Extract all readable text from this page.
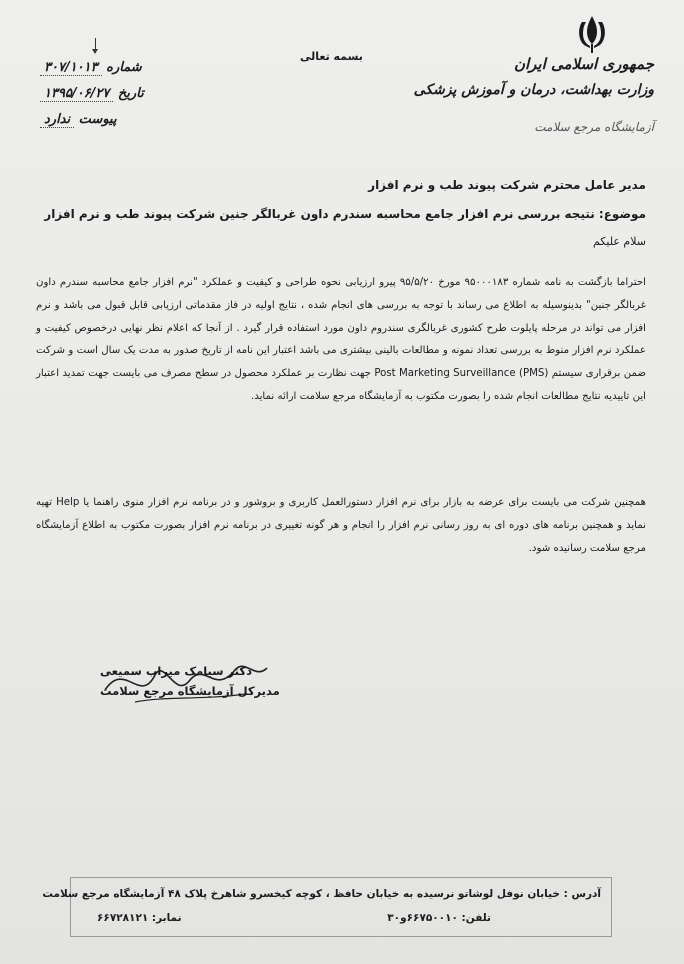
شماره ۳۰۷/۱۰۱۳
تاریخ ۱۳۹۵/۰۶/۲۷
پیوست ندارد
بسمه تعالی	جمهوری اسلامی ایران
وزارت بهداشت، درمان و آموزش پزشکی
آزمایشگاه مرجع سلامت
مدیر عامل محترم شرکت پیوند طب و نرم افزار
موضوع: نتیجه بررسی نرم افزار جامع محاسبه سندرم داون غربالگر جنین شرکت پیوند طب و نرم افزار
سلام علیکم

احتراما بازگشت به نامه شماره ۹۵۰۰۰۱۸۳ مورخ ۹۵/۵/۲۰ پیرو ارزیابی نحوه طراحی و کیفیت و عملکرد "نرم افزار جامع محاسبه سندرم داون غربالگر جنین" بدینوسیله به اطلاع می رساند با توجه به بررسی های انجام شده ، نتایج اولیه در فاز مقدماتی ارزیابی قابل قبول می باشد و نرم افزار می تواند در مرحله پایلوت طرح کشوری غربالگری سندروم داون مورد استفاده قرار گیرد . از آنجا که اعلام نظر نهایی درخصوص کیفیت و عملکرد نرم افزار منوط به بررسی تعداد نمونه و مطالعات بالینی بیشتری می باشد اعتبار این نامه از تاریخ صدور به مدت یک سال است و شرکت ضمن برقراری سیستم Post Marketing Surveillance (PMS) جهت نظارت بر عملکرد محصول در سطح مصرف می بایست جهت تمدید اعتبار این تاییدیه نتایج مطالعات انجام شده را بصورت مکتوب به آزمایشگاه مرجع سلامت ارائه نماید.

همچنین شرکت می بایست برای عرضه به بازار برای نرم افزار دستورالعمل کاربری و بروشور و در برنامه نرم افزار منوی راهنما یا Help تهیه نماید و همچنین برنامه های دوره ای به روز رسانی نرم افزار را انجام و هر گونه تغییری در برنامه نرم افزار بصورت مکتوب به اطلاع آزمایشگاه مرجع سلامت رسانیده شود.

دکتر سیامک میراب سمیعی
مدیرکل آزمایشگاه مرجع سلامت
آدرس : خیابان نوفل لوشاتو نرسیده به خیابان حافظ ، کوچه کیخسرو شاهرخ پلاک ۴۸ آزمایشگاه مرجع سلامت
تلفن: ۶۶۷۵۰۰۱۰و۳۰
نمابر: ۶۶۷۲۸۱۲۱
